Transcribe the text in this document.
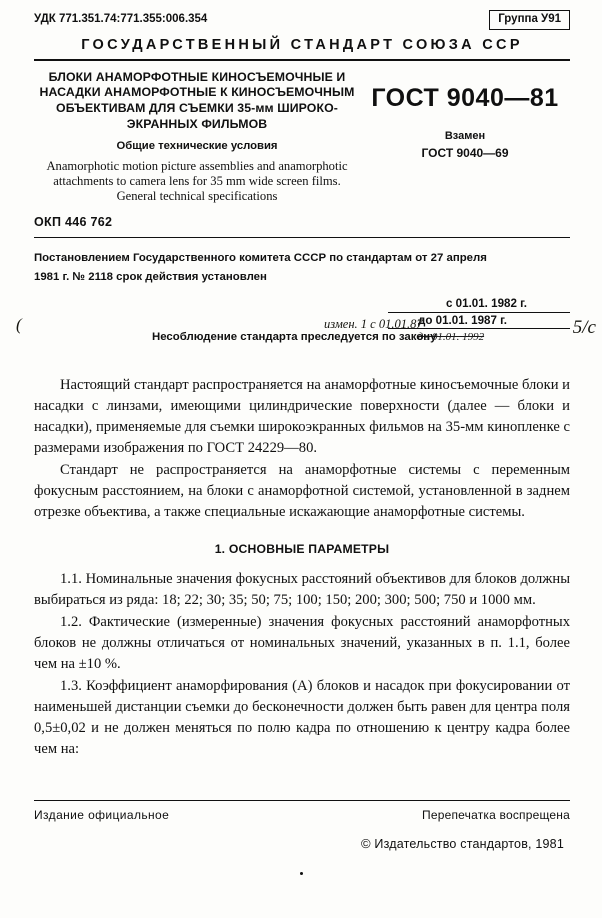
УДК 771.351.74:771.355:006.354	Группа У91
ГОСУДАРСТВЕННЫЙ СТАНДАРТ СОЮЗА ССР
БЛОКИ АНАМОРФОТНЫЕ КИНОСЪЕМОЧНЫЕ И НАСАДКИ АНАМОРФОТНЫЕ К КИНОСЪЕМОЧНЫМ ОБЪЕКТИВАМ ДЛЯ СЪЕМКИ 35-мм ШИРОКО-ЭКРАННЫХ ФИЛЬМОВ
Общие технические условия
Anamorphotic motion picture assemblies and anamorphotic attachments to camera lens for 35 mm wide screen films. General technical specifications
ГОСТ 9040—81
Взамен
ГОСТ 9040—69
ОКП 446 762
Постановлением Государственного комитета СССР по стандартам от 27 апреля
1981 г. № 2118 срок действия установлен
с 01.01. 1982 г.
до 01.01. 1987 г.
до 01.01. 1992
Несоблюдение стандарта преследуется по закону
(	измен. 1 с 01.01.87	5/с

Настоящий стандарт распространяется на анаморфотные киносъемочные блоки и насадки с линзами, имеющими цилиндрические поверхности (далее — блоки и насадки), применяемые для съемки широкоэкранных фильмов на 35-мм кинопленке с размерами изображения по ГОСТ 24229—80.

Стандарт не распространяется на анаморфотные системы с переменным фокусным расстоянием, на блоки с анаморфотной системой, установленной в заднем отрезке объектива, а также специальные искажающие анаморфотные системы.

1. ОСНОВНЫЕ ПАРАМЕТРЫ

1.1. Номинальные значения фокусных расстояний объективов для блоков должны выбираться из ряда: 18; 22; 30; 35; 50; 75; 100; 150; 200; 300; 500; 750 и 1000 мм.

1.2. Фактические (измеренные) значения фокусных расстояний анаморфотных блоков не должны отличаться от номинальных значений, указанных в п. 1.1, более чем на ±10 %.

1.3. Коэффициент анаморфирования (А) блоков и насадок при фокусировании от наименьшей дистанции съемки до бесконечности должен быть равен для центра поля 0,5±0,02 и не должен меняться по полю кадра по отношению к центру кадра более чем на:

Издание официальное	Перепечатка воспрещена
© Издательство стандартов, 1981
